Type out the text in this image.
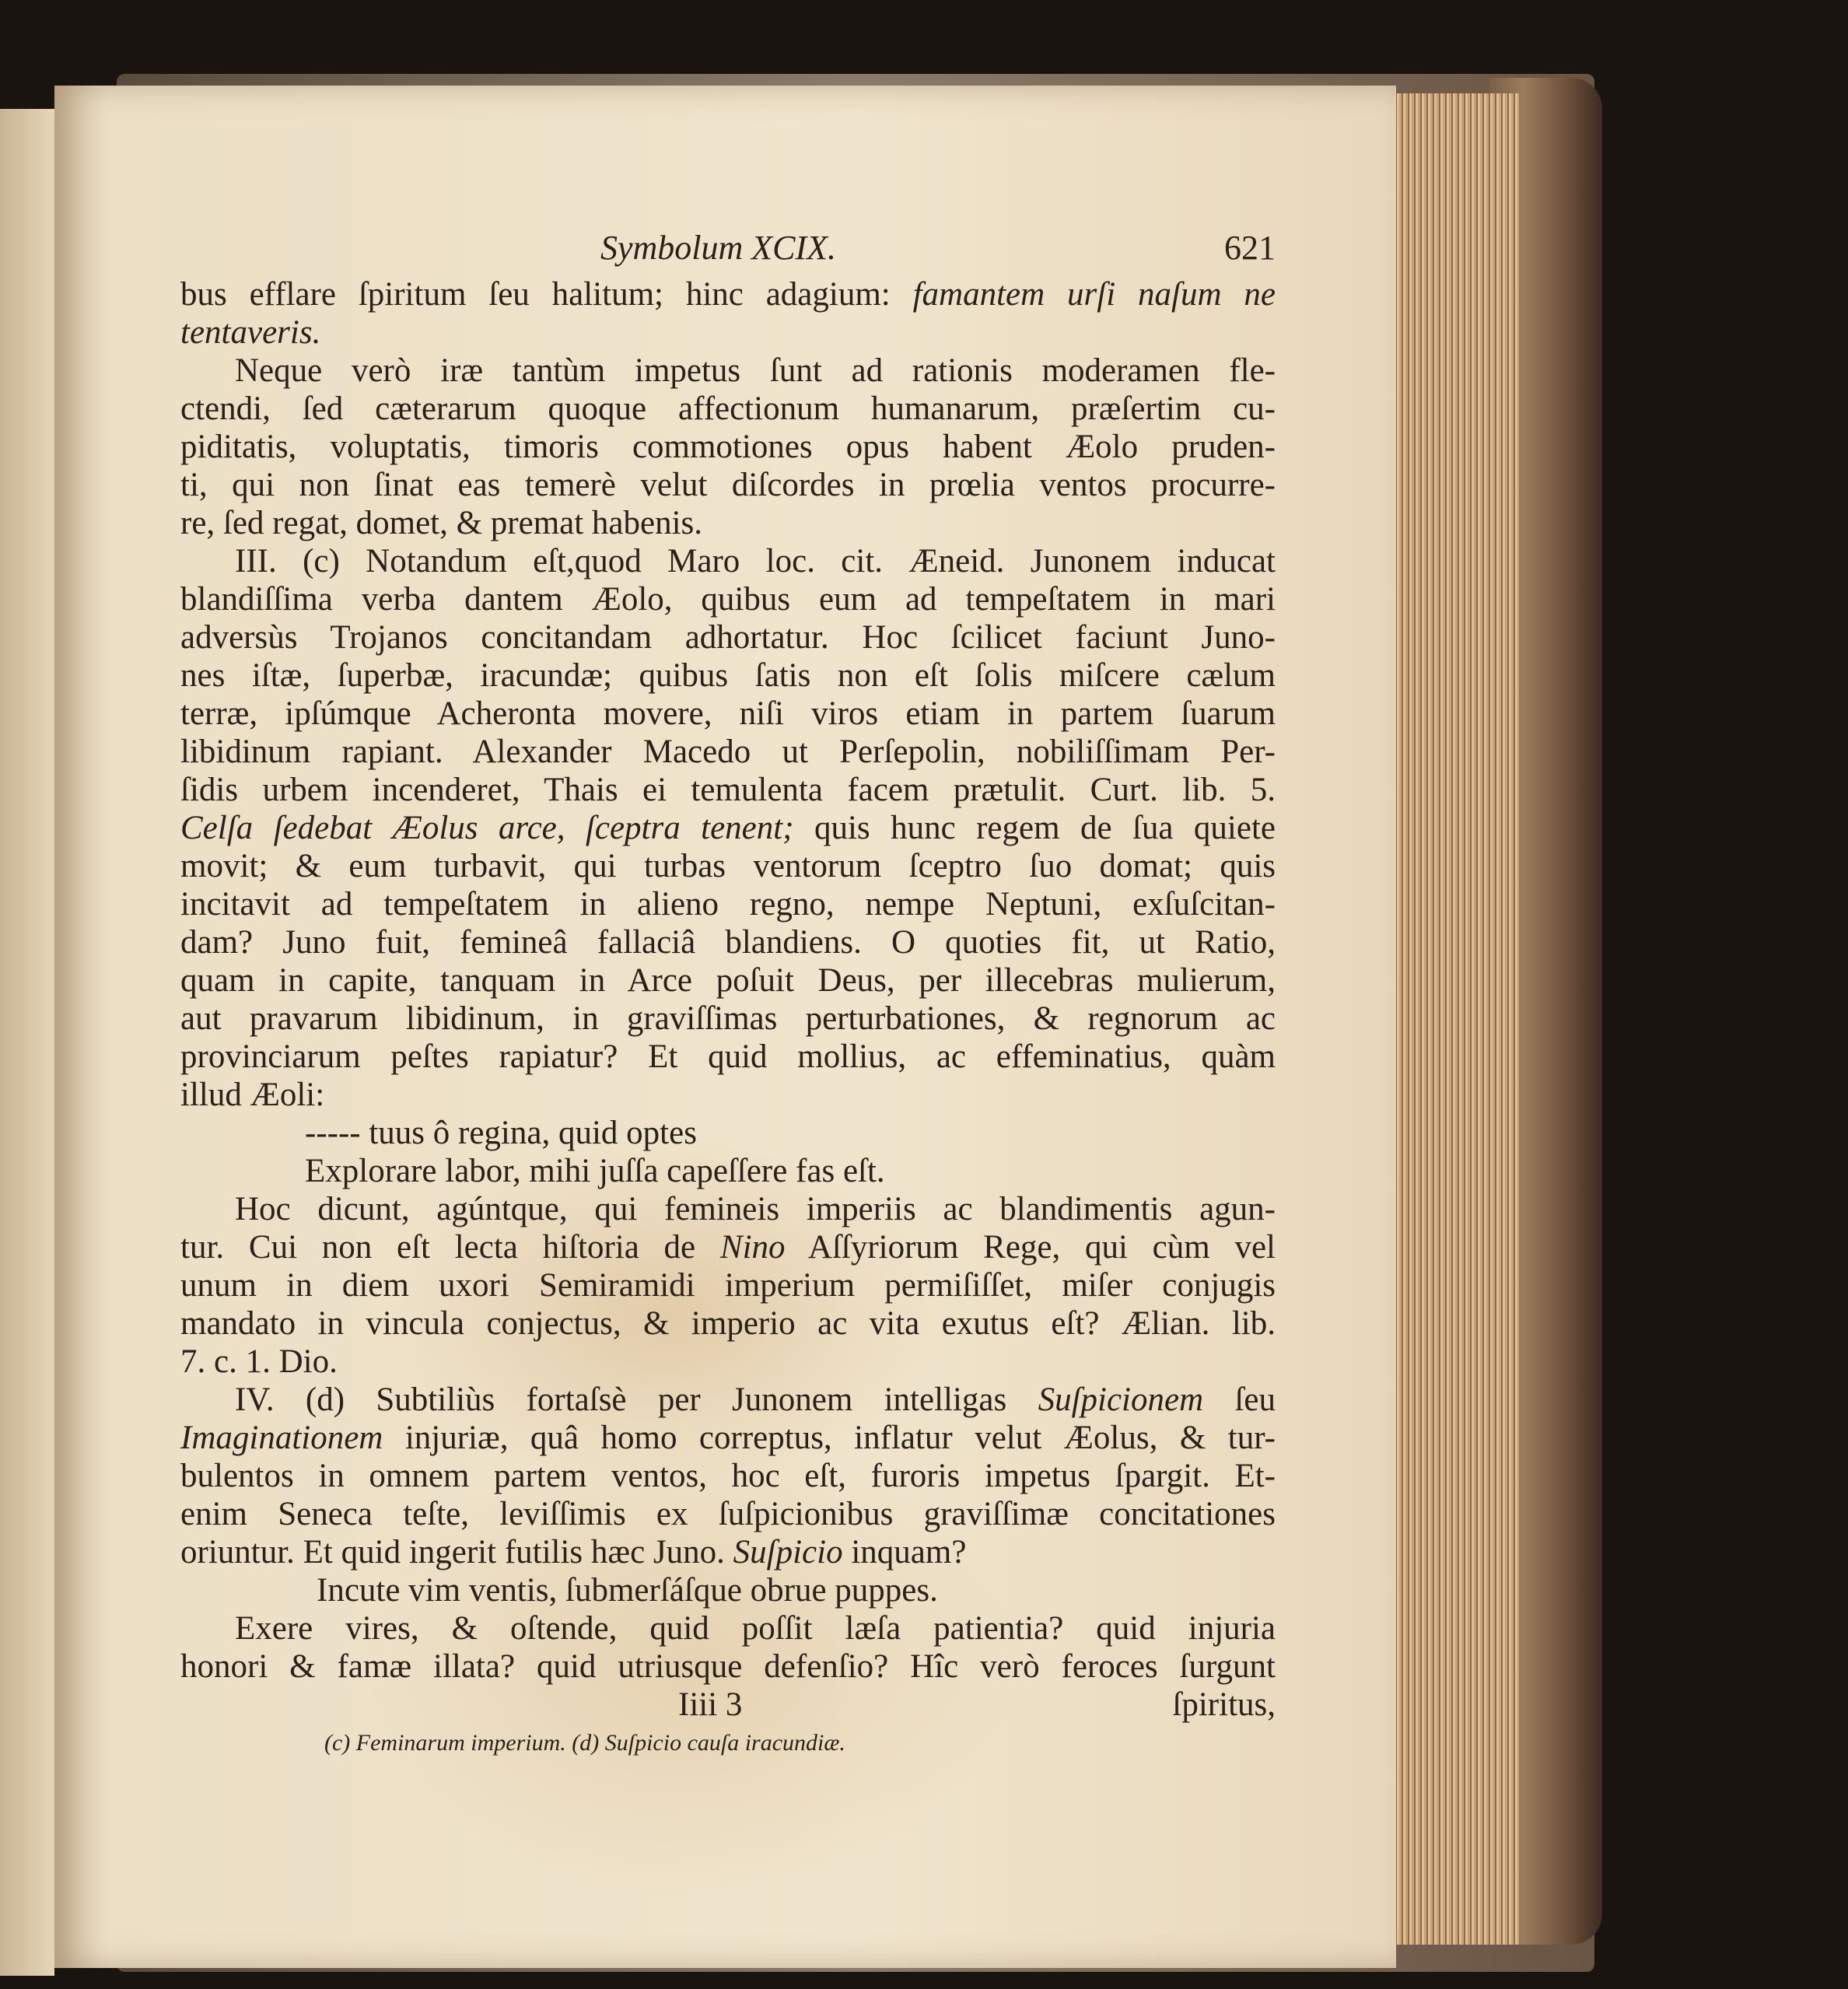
Symbolum XCIX.	621
bus efflare ſpiritum ſeu halitum; hinc adagium: famantem urſi naſum ne
tentaveris.
Neque verò iræ tantùm impetus ſunt ad rationis moderamen fle-
ctendi, ſed cæterarum quoque affectionum humanarum, præſertim cu-
piditatis, voluptatis, timoris commotiones opus habent Æolo pruden-
ti, qui non ſinat eas temerè velut diſcordes in prœlia ventos procurre-
re, ſed regat, domet, & premat habenis.
III. (c) Notandum eſt,quod Maro loc. cit. Æneid. Junonem inducat
blandiſſima verba dantem Æolo, quibus eum ad tempeſtatem in mari
adversùs Trojanos concitandam adhortatur. Hoc ſcilicet faciunt Juno-
nes iſtæ, ſuperbæ, iracundæ; quibus ſatis non eſt ſolis miſcere cælum
terræ, ipſúmque Acheronta movere, niſi viros etiam in partem ſuarum
libidinum rapiant. Alexander Macedo ut Perſepolin, nobiliſſimam Per-
ſidis urbem incenderet, Thais ei temulenta facem prætulit. Curt. lib. 5.
Celſa ſedebat Æolus arce, ſceptra tenent; quis hunc regem de ſua quiete
movit; & eum turbavit, qui turbas ventorum ſceptro ſuo domat; quis
incitavit ad tempeſtatem in alieno regno, nempe Neptuni, exſuſcitan-
dam? Juno fuit, femineâ fallaciâ blandiens. O quoties fit, ut Ratio,
quam in capite, tanquam in Arce poſuit Deus, per illecebras mulierum,
aut pravarum libidinum, in graviſſimas perturbationes, & regnorum ac
provinciarum peſtes rapiatur? Et quid mollius, ac effeminatius, quàm
illud Æoli:
----- tuus ô regina, quid optes
Explorare labor, mihi juſſa capeſſere fas eſt.
Hoc dicunt, agúntque, qui femineis imperiis ac blandimentis agun-
tur. Cui non eſt lecta hiſtoria de Nino Aſſyriorum Rege, qui cùm vel
unum in diem uxori Semiramidi imperium permiſiſſet, miſer conjugis
mandato in vincula conjectus, & imperio ac vita exutus eſt? Ælian. lib.
7. c. 1. Dio.
IV. (d) Subtiliùs fortaſsè per Junonem intelligas Suſpicionem ſeu
Imaginationem injuriæ, quâ homo correptus, inflatur velut Æolus, & tur-
bulentos in omnem partem ventos, hoc eſt, furoris impetus ſpargit. Et-
enim Seneca teſte, leviſſimis ex ſuſpicionibus graviſſimæ concitationes
oriuntur. Et quid ingerit futilis hæc Juno. Suſpicio inquam?
Incute vim ventis, ſubmerſáſque obrue puppes.
Exere vires, & oſtende, quid poſſit læſa patientia? quid injuria
honori & famæ illata? quid utriusque defenſio? Hîc verò feroces ſurgunt
Iiii 3	ſpiritus,
(c) Feminarum imperium. (d) Suſpicio cauſa iracundiæ.
